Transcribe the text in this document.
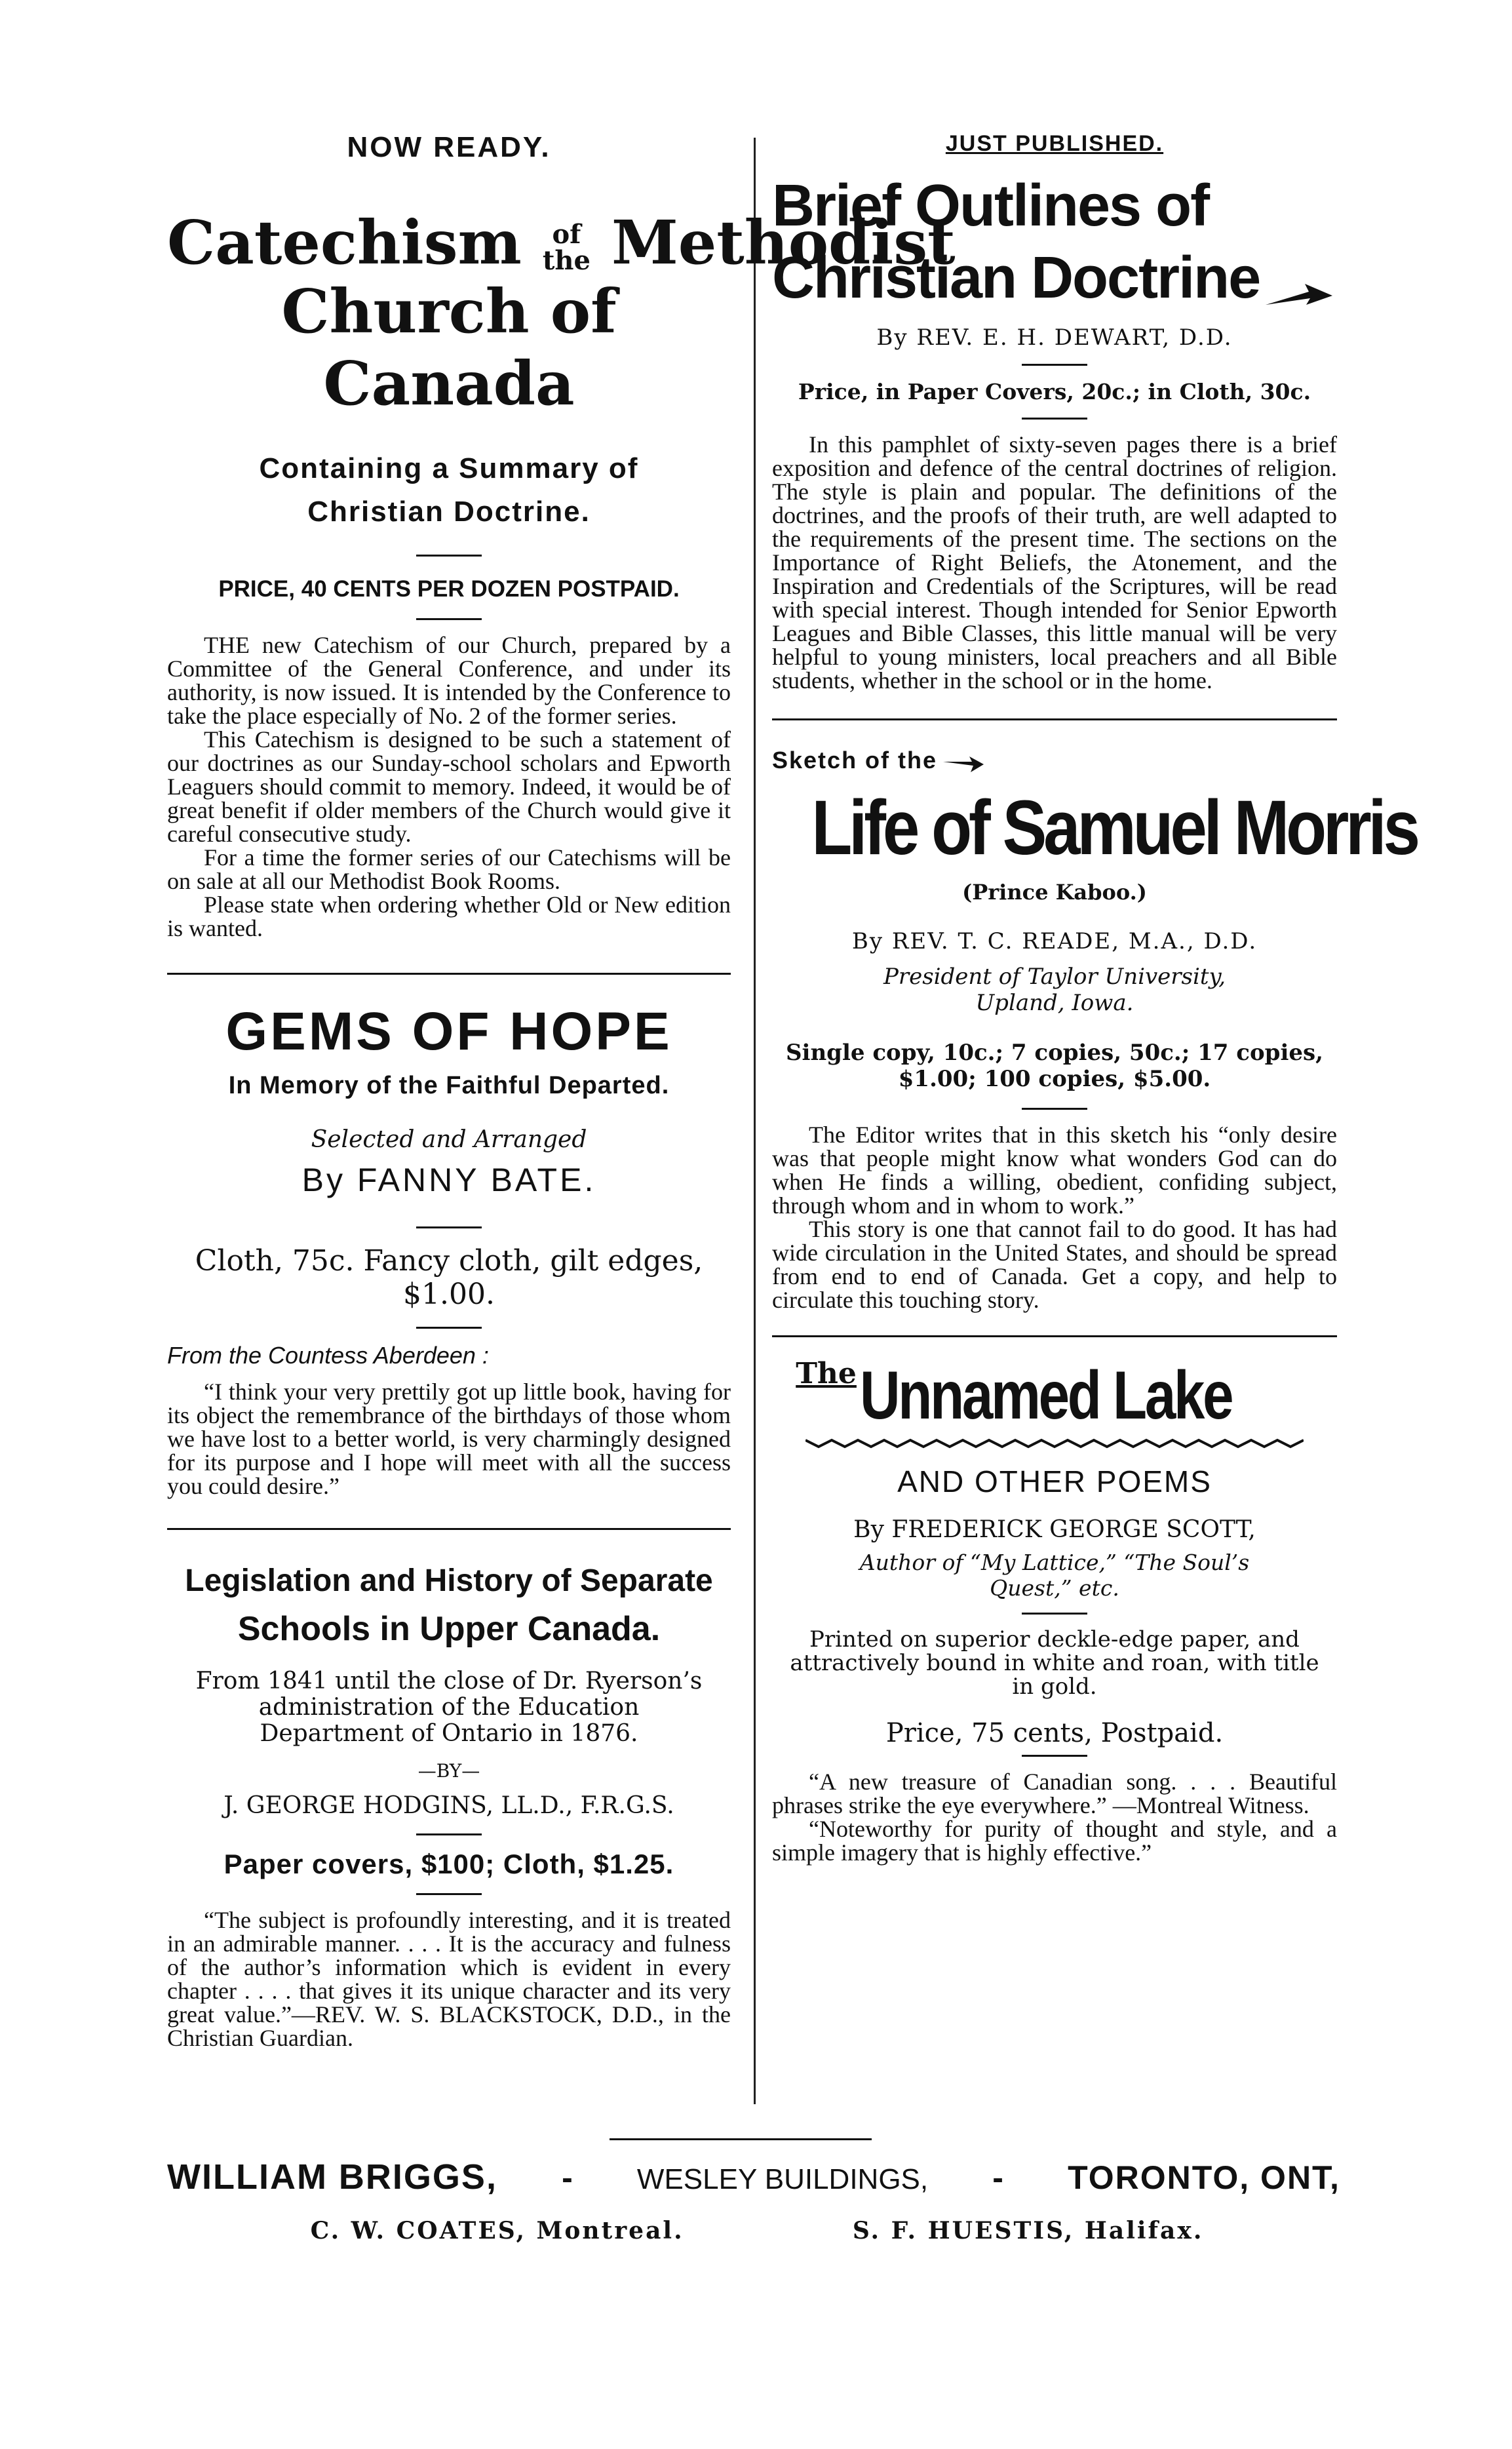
NOW READY.
Catechism	of
the Methodist
Church of Canada
Containing a Summary of
Christian Doctrine.
PRICE, 40 CENTS PER DOZEN POSTPAID.

THE new Catechism of our Church, prepared by a Committee of the General Conference, and under its authority, is now issued. It is intended by the Conference to take the place especially of No. 2 of the former series.

This Catechism is designed to be such a statement of our doctrines as our Sunday-school scholars and Epworth Leaguers should commit to memory. Indeed, it would be of great benefit if older members of the Church would give it careful consecutive study.

For a time the former series of our Catechisms will be on sale at all our Methodist Book Rooms.

Please state when ordering whether Old or New edition is wanted.

GEMS OF HOPE
In Memory of the Faithful Departed.
Selected and Arranged
By FANNY BATE.
Cloth, 75c. Fancy cloth, gilt edges, $1.00.
From the Countess Aberdeen :

“I think your very prettily got up little book, having for its object the remembrance of the birthdays of those whom we have lost to a better world, is very charmingly designed for its purpose and I hope will meet with all the success you could desire.”

Legislation and History of Separate
Schools in Upper Canada.
From 1841 until the close of Dr. Ryerson’s administration of the Education Department of Ontario in 1876.
—BY—
J. GEORGE HODGINS, LL.D., F.R.G.S.
Paper covers, $100; Cloth, $1.25.

“The subject is profoundly interesting, and it is treated in an admirable manner. . . . It is the accuracy and fulness of the author’s information which is evident in every chapter . . . . that gives it its unique character and its very great value.”—REV. W. S. BLACKSTOCK, D.D., in the Christian Guardian.

JUST PUBLISHED.
Brief Outlines of
Christian Doctrine
By REV. E. H. DEWART, D.D.
Price, in Paper Covers, 20c.; in Cloth, 30c.

In this pamphlet of sixty-seven pages there is a brief exposition and defence of the central doctrines of religion. The style is plain and popular. The definitions of the doctrines, and the proofs of their truth, are well adapted to the requirements of the present time. The sections on the Importance of Right Beliefs, the Atonement, and the Inspiration and Credentials of the Scriptures, will be read with special interest. Though intended for Senior Epworth Leagues and Bible Classes, this little manual will be very helpful to young ministers, local preachers and all Bible students, whether in the school or in the home.

Sketch of the
Life of Samuel Morris
(Prince Kaboo.)
By REV. T. C. READE, M.A., D.D.
President of Taylor University,
Upland, Iowa.
Single copy, 10c.; 7 copies, 50c.; 17 copies,
$1.00; 100 copies, $5.00.

The Editor writes that in this sketch his “only desire was that people might know what wonders God can do when He finds a willing, obedient, confiding subject, through whom and in whom to work.”

This story is one that cannot fail to do good. It has had wide circulation in the United States, and should be spread from end to end of Canada. Get a copy, and help to circulate this touching story.

The Unnamed Lake
AND OTHER POEMS
By FREDERICK GEORGE SCOTT,
Author of “My Lattice,” “The Soul’s
Quest,” etc.
Printed on superior deckle-edge paper, and attractively bound in white and roan, with title in gold.
Price, 75 cents, Postpaid.

“A new treasure of Canadian song. . . . Beautiful phrases strike the eye everywhere.” —Montreal Witness.

“Noteworthy for purity of thought and style, and a simple imagery that is highly effective.”

WILLIAM BRIGGS, - WESLEY BUILDINGS, - TORONTO, ONT,
C. W. COATES, Montreal.	S. F. HUESTIS, Halifax.
